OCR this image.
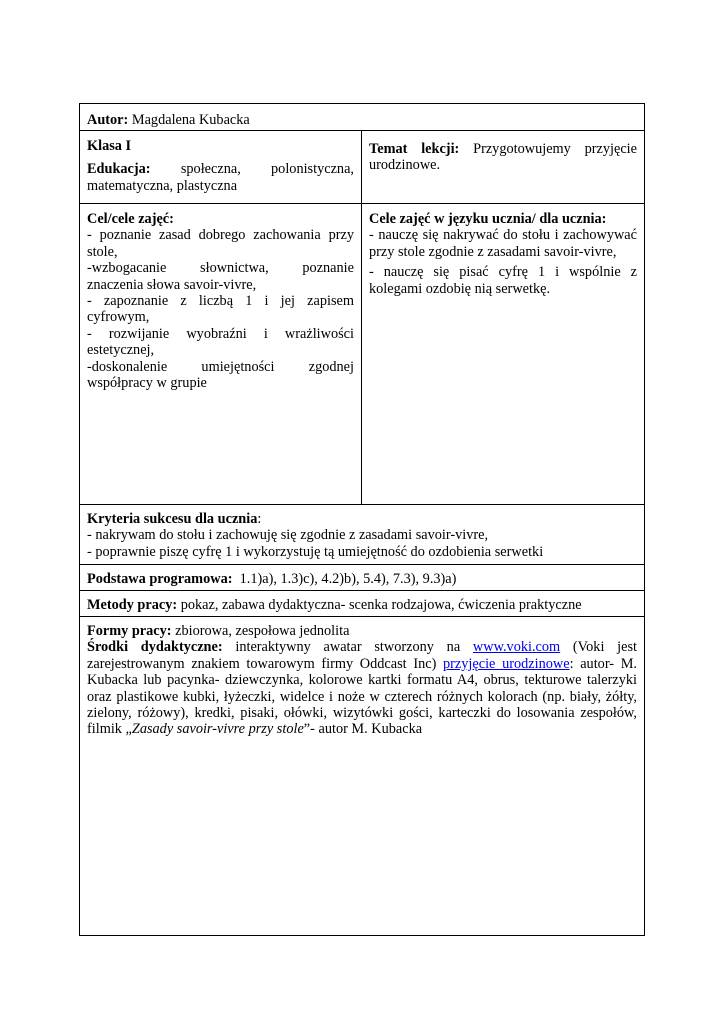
Autor: Magdalena Kubacka

Klasa I

Edukacja: społeczna, polonistyczna,

matematyczna, plastyczna

Temat lekcji: Przygotowujemy przyjęcie urodzinowe.

Cel/cele zajęć:

- poznanie zasad dobrego zachowania przy

stole,

-wzbogacanie słownictwa, poznanie

znaczenia słowa savoir-vivre,

- zapoznanie z liczbą 1 i jej zapisem

cyfrowym,

- rozwijanie wyobraźni i wrażliwości

estetycznej,

-doskonalenie umiejętności zgodnej

współpracy w grupie

Cele zajęć w języku ucznia/ dla ucznia:

- nauczę się nakrywać do stołu i zachowywać przy stole zgodnie z zasadami savoir-vivre,

- nauczę się pisać cyfrę 1 i wspólnie z kolegami ozdobię nią serwetkę.

Kryteria sukcesu dla ucznia:

- nakrywam do stołu i zachowuję się zgodnie z zasadami savoir-vivre,

- poprawnie piszę cyfrę 1 i wykorzystuję tą umiejętność do ozdobienia serwetki

Podstawa programowa: 1.1)a), 1.3)c), 4.2)b), 5.4), 7.3), 9.3)a)
Metody pracy: pokaz, zabawa dydaktyczna- scenka rodzajowa, ćwiczenia praktyczne

Formy pracy: zbiorowa, zespołowa jednolita

Środki dydaktyczne: interaktywny awatar stworzony na www.voki.com (Voki jest zarejestrowanym znakiem towarowym firmy Oddcast Inc) przyjęcie urodzinowe: autor- M. Kubacka lub pacynka- dziewczynka, kolorowe kartki formatu A4, obrus, tekturowe talerzyki oraz plastikowe kubki, łyżeczki, widelce i noże w czterech różnych kolorach (np. biały, żółty, zielony, różowy), kredki, pisaki, ołówki, wizytówki gości, karteczki do losowania zespołów, filmik „Zasady savoir-vivre przy stole”- autor M. Kubacka
